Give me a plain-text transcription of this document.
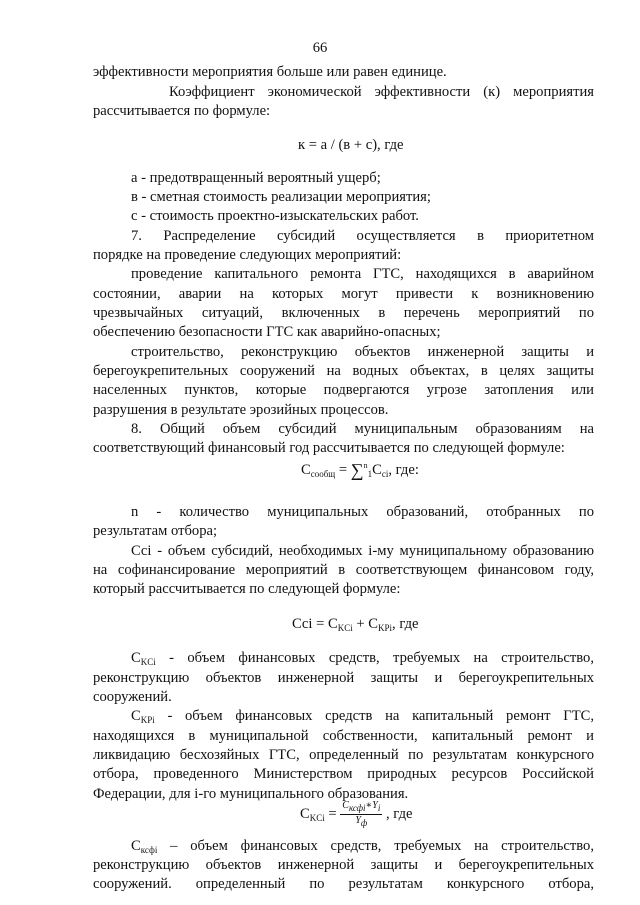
66
эффективности мероприятия больше или равен единице.
Коэффициент экономической эффективности (к) мероприятия
рассчитывается по формуле:
к = а / (в + с), где
а - предотвращенный вероятный ущерб;
в - сметная стоимость реализации мероприятия;
с - стоимость проектно-изыскательских работ.
7. Распределение субсидий осуществляется в приоритетном
порядке на проведение следующих мероприятий:
проведение капитального ремонта ГТС, находящихся в аварийном
состоянии, аварии на которых могут привести к возникновению
чрезвычайных ситуаций, включенных в перечень мероприятий по
обеспечению безопасности ГТС как аварийно-опасных;
строительство, реконструкцию объектов инженерной защиты и
берегоукрепительных сооружений на водных объектах, в целях защиты
населенных пунктов, которые подвергаются угрозе затопления или
разрушения в результате эрозийных процессов.
8. Общий объем субсидий муниципальным образованиям на
соответствующий финансовый год рассчитывается по следующей формуле:
$С_{сообщ} = \sum^n_1С_{ci}$, где:
n - количество муниципальных образований, отобранных по
результатам отбора;
Ссi - объем субсидий, необходимых i-му муниципальному образованию
на софинансирование мероприятий в соответствующем финансовом году,
который рассчитывается по следующей формуле:
Ссi = $С_{KCi} + С_{KPi}$, где
$С_{KCi}$ - объем финансовых средств, требуемых на строительство,
реконструкцию объектов инженерной защиты и берегоукрепительных
сооружений.
$С_{KPi}$ - объем финансовых средств на капитальный ремонт ГТС,
находящихся в муниципальной собственности, капитальный ремонт и
ликвидацию бесхозяйных ГТС, определенный по результатам конкурсного
отбора, проведенного Министерством природных ресурсов Российской
Федерации, для i-го муниципального образования.
$С_{KCi} = \frac{\text{Cксфi∗Yi}}{Yф}$ , где
$С_{ксфi}$ – объем финансовых средств, требуемых на строительство,
реконструкцию объектов инженерной защиты и берегоукрепительных
сооружений. определенный по результатам конкурсного отбора,
